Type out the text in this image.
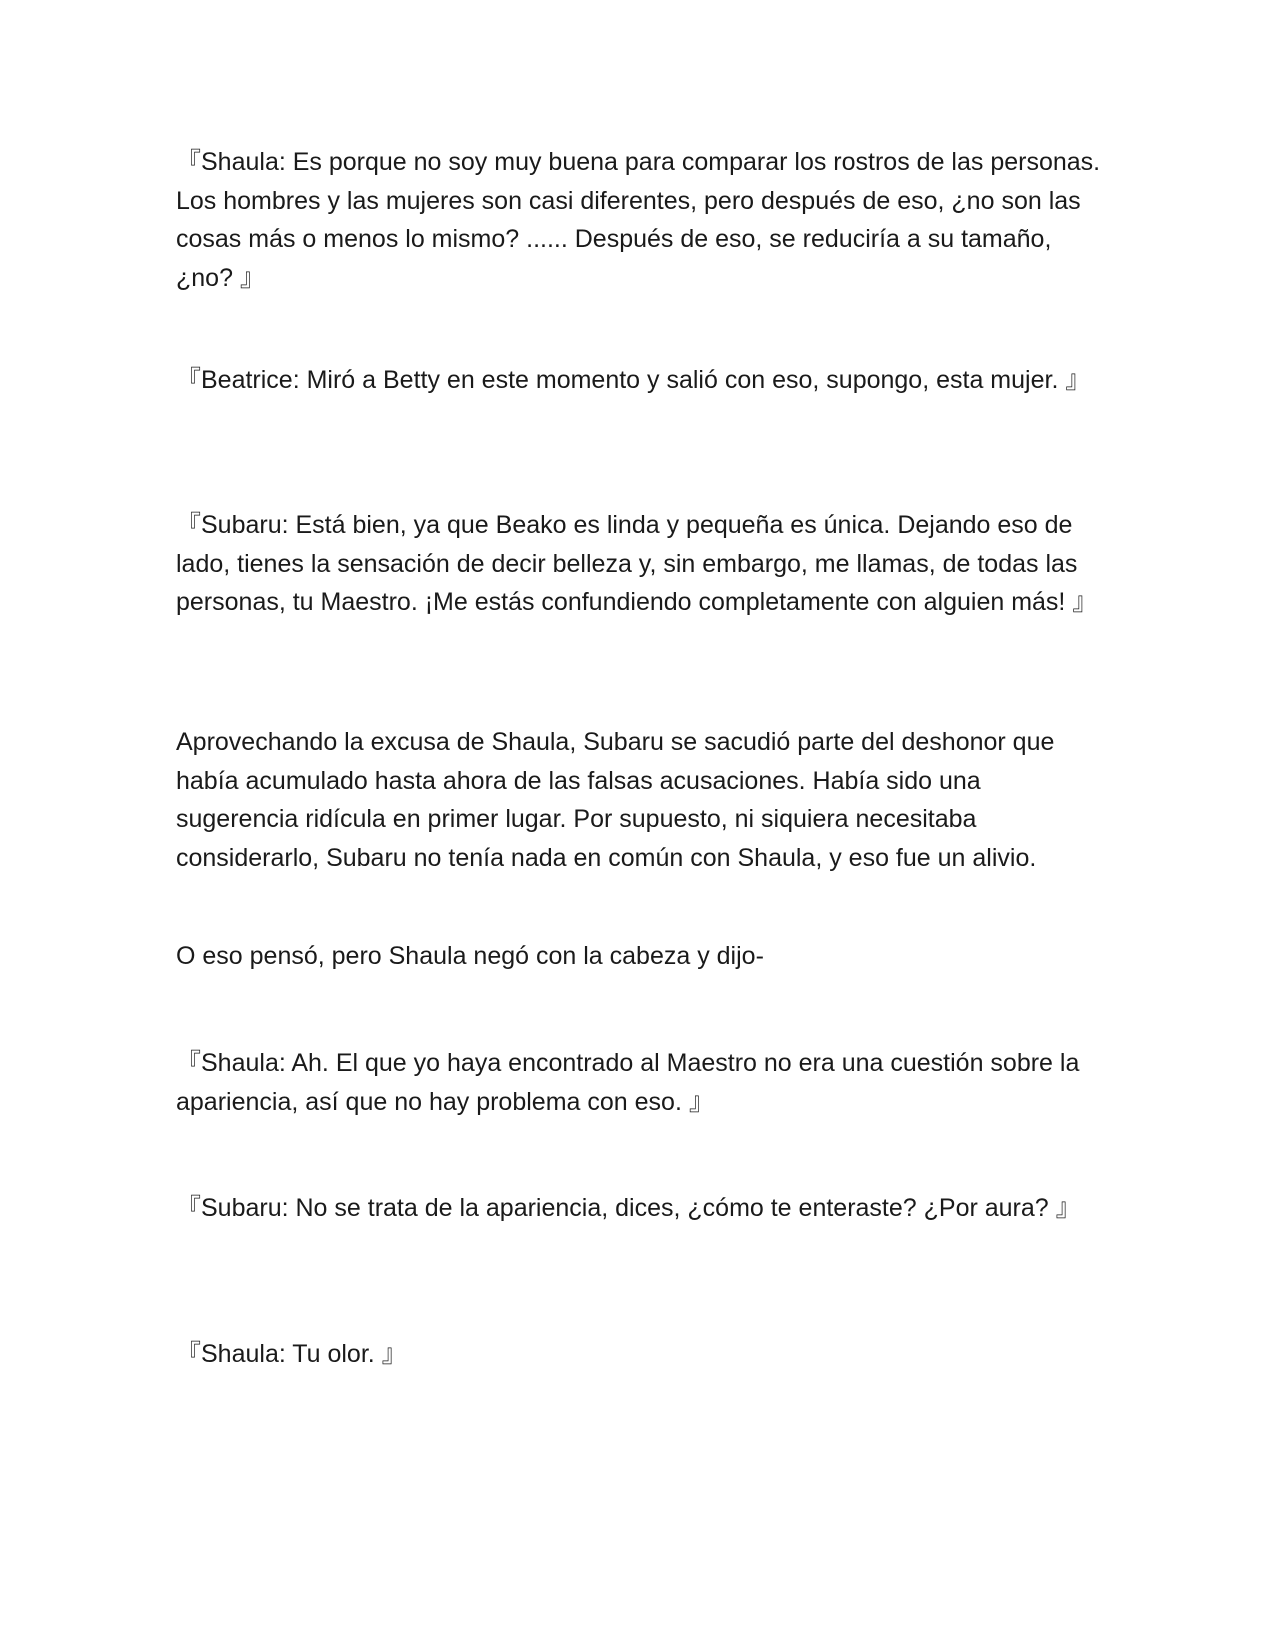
『Shaula: Es porque no soy muy buena para comparar los rostros de las personas. Los hombres y las mujeres son casi diferentes, pero después de eso, ¿no son las cosas más o menos lo mismo? ...... Después de eso, se reduciría a su tamaño, ¿no? 』

『Beatrice: Miró a Betty en este momento y salió con eso, supongo, esta mujer. 』

『Subaru: Está bien, ya que Beako es linda y pequeña es única. Dejando eso de lado, tienes la sensación de decir belleza y, sin embargo, me llamas, de todas las personas, tu Maestro. ¡Me estás confundiendo completamente con alguien más! 』

Aprovechando la excusa de Shaula, Subaru se sacudió parte del deshonor que había acumulado hasta ahora de las falsas acusaciones. Había sido una sugerencia ridícula en primer lugar. Por supuesto, ni siquiera necesitaba considerarlo, Subaru no tenía nada en común con Shaula, y eso fue un alivio.

O eso pensó, pero Shaula negó con la cabeza y dijo-

『Shaula: Ah. El que yo haya encontrado al Maestro no era una cuestión sobre la apariencia, así que no hay problema con eso. 』

『Subaru: No se trata de la apariencia, dices, ¿cómo te enteraste? ¿Por aura? 』

『Shaula: Tu olor. 』
